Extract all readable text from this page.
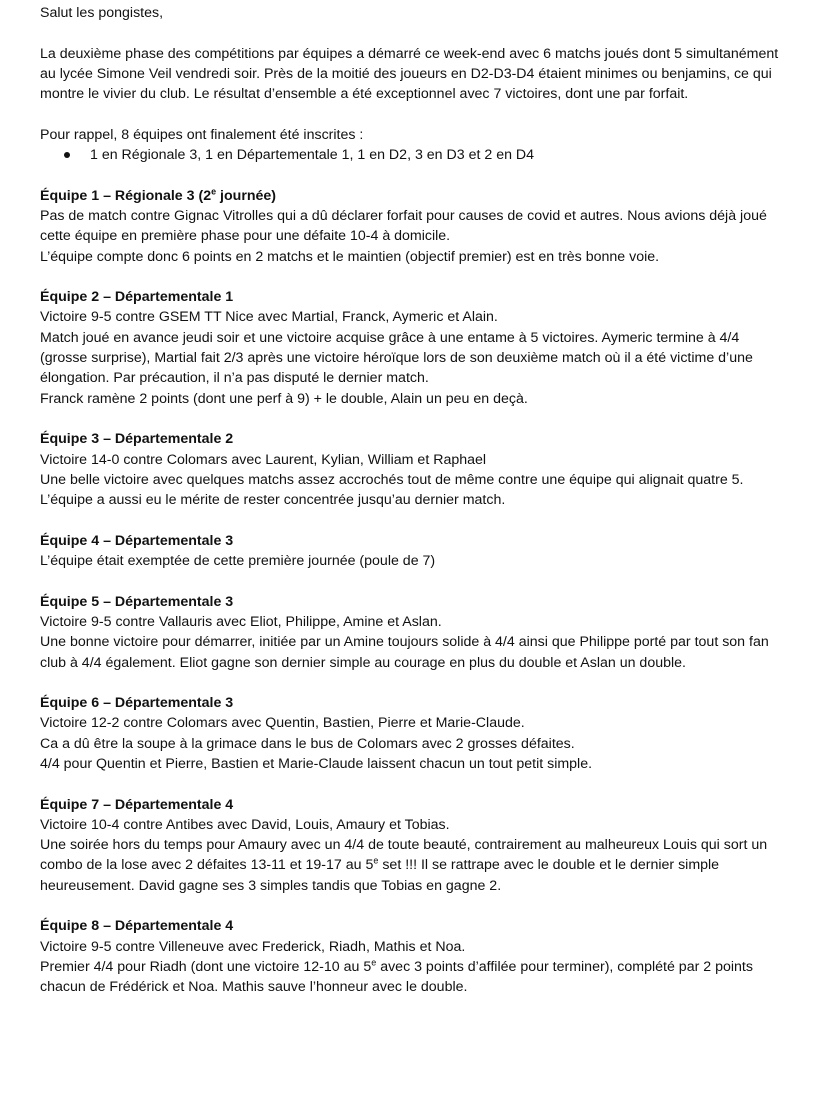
Salut les pongistes,

La deuxième phase des compétitions par équipes a démarré ce week-end avec 6 matchs joués dont 5 simultanément au lycée Simone Veil vendredi soir. Près de la moitié des joueurs en D2-D3-D4 étaient minimes ou benjamins, ce qui montre le vivier du club. Le résultat d’ensemble a été exceptionnel avec 7 victoires, dont une par forfait.

Pour rappel, 8 équipes ont finalement été inscrites :

1 en Régionale 3, 1 en Départementale 1, 1 en D2, 3 en D3 et 2 en D4

Équipe 1 – Régionale 3 (2e journée)

Pas de match contre Gignac Vitrolles qui a dû déclarer forfait pour causes de covid et autres. Nous avions déjà joué cette équipe en première phase pour une défaite 10-4 à domicile.

L’équipe compte donc 6 points en 2 matchs et le maintien (objectif premier) est en très bonne voie.

Équipe 2 – Départementale 1

Victoire 9-5 contre GSEM TT Nice avec Martial, Franck, Aymeric et Alain.

Match joué en avance jeudi soir et une victoire acquise grâce à une entame à 5 victoires. Aymeric termine à 4/4 (grosse surprise), Martial fait 2/3 après une victoire héroïque lors de son deuxième match où il a été victime d’une élongation. Par précaution, il n’a pas disputé le dernier match.

Franck ramène 2 points (dont une perf à 9) + le double, Alain un peu en deçà.

Équipe 3 – Départementale 2

Victoire 14-0 contre Colomars avec Laurent, Kylian, William et Raphael

Une belle victoire avec quelques matchs assez accrochés tout de même contre une équipe qui alignait quatre 5. L’équipe a aussi eu le mérite de rester concentrée jusqu’au dernier match.

Équipe 4 – Départementale 3

L’équipe était exemptée de cette première journée (poule de 7)

Équipe 5 – Départementale 3

Victoire 9-5 contre Vallauris avec Eliot, Philippe, Amine et Aslan.

Une bonne victoire pour démarrer, initiée par un Amine toujours solide à 4/4 ainsi que Philippe porté par tout son fan club à 4/4 également. Eliot gagne son dernier simple au courage en plus du double et Aslan un double.

Équipe 6 – Départementale 3

Victoire 12-2 contre Colomars avec Quentin, Bastien, Pierre et Marie-Claude.

Ca a dû être la soupe à la grimace dans le bus de Colomars avec 2 grosses défaites.

4/4 pour Quentin et Pierre, Bastien et Marie-Claude laissent chacun un tout petit simple.

Équipe 7 – Départementale 4

Victoire 10-4 contre Antibes avec David, Louis, Amaury et Tobias.

Une soirée hors du temps pour Amaury avec un 4/4 de toute beauté, contrairement au malheureux Louis qui sort un combo de la lose avec 2 défaites 13-11 et 19-17 au 5e set !!! Il se rattrape avec le double et le dernier simple heureusement. David gagne ses 3 simples tandis que Tobias en gagne 2.

Équipe 8 – Départementale 4

Victoire 9-5 contre Villeneuve avec Frederick, Riadh, Mathis et Noa.

Premier 4/4 pour Riadh (dont une victoire 12-10 au 5e avec 3 points d’affilée pour terminer), complété par 2 points chacun de Frédérick et Noa. Mathis sauve l’honneur avec le double.
